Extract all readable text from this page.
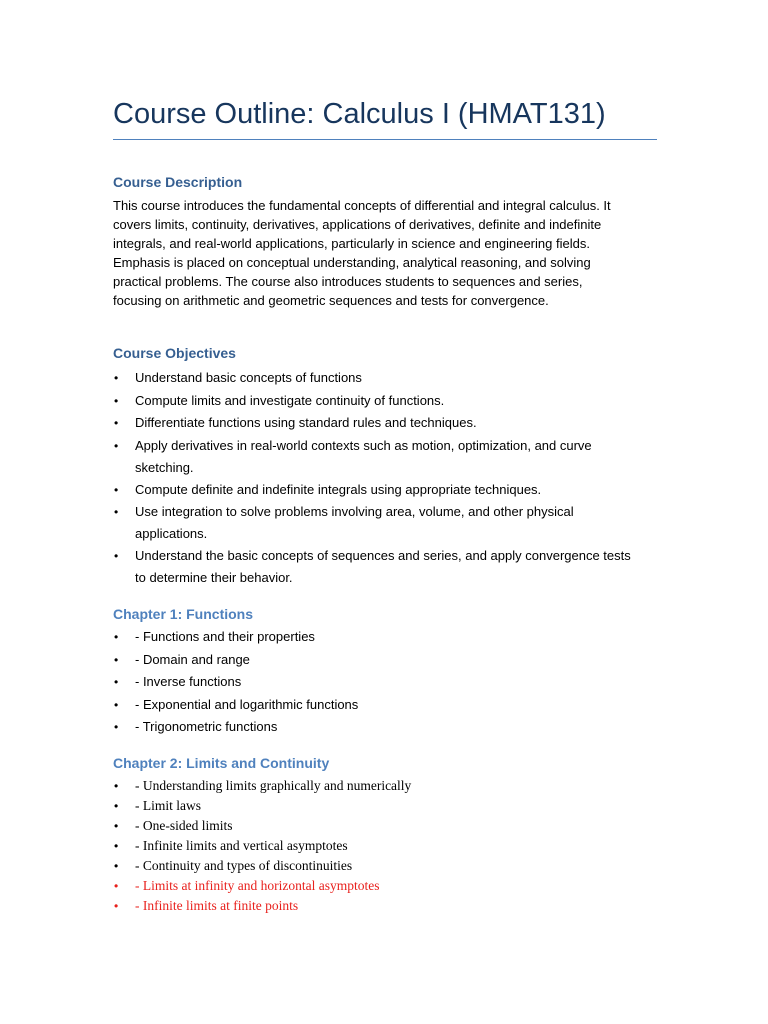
Course Outline: Calculus I (HMAT131)
Course Description
This course introduces the fundamental concepts of differential and integral calculus. It
covers limits, continuity, derivatives, applications of derivatives, definite and indefinite
integrals, and real-world applications, particularly in science and engineering fields.
Emphasis is placed on conceptual understanding, analytical reasoning, and solving
practical problems. The course also introduces students to sequences and series,
focusing on arithmetic and geometric sequences and tests for convergence.
Course Objectives
• Understand basic concepts of functions
• Compute limits and investigate continuity of functions.
• Differentiate functions using standard rules and techniques.
• Apply derivatives in real-world contexts such as motion, optimization, and curve
sketching.
• Compute definite and indefinite integrals using appropriate techniques.
• Use integration to solve problems involving area, volume, and other physical
applications.
• Understand the basic concepts of sequences and series, and apply convergence tests
to determine their behavior.
Chapter 1: Functions
• - Functions and their properties
• - Domain and range
• - Inverse functions
• - Exponential and logarithmic functions
• - Trigonometric functions
Chapter 2: Limits and Continuity
• - Understanding limits graphically and numerically
• - Limit laws
• - One-sided limits
• - Infinite limits and vertical asymptotes
• - Continuity and types of discontinuities
• - Limits at infinity and horizontal asymptotes
• - Infinite limits at finite points
